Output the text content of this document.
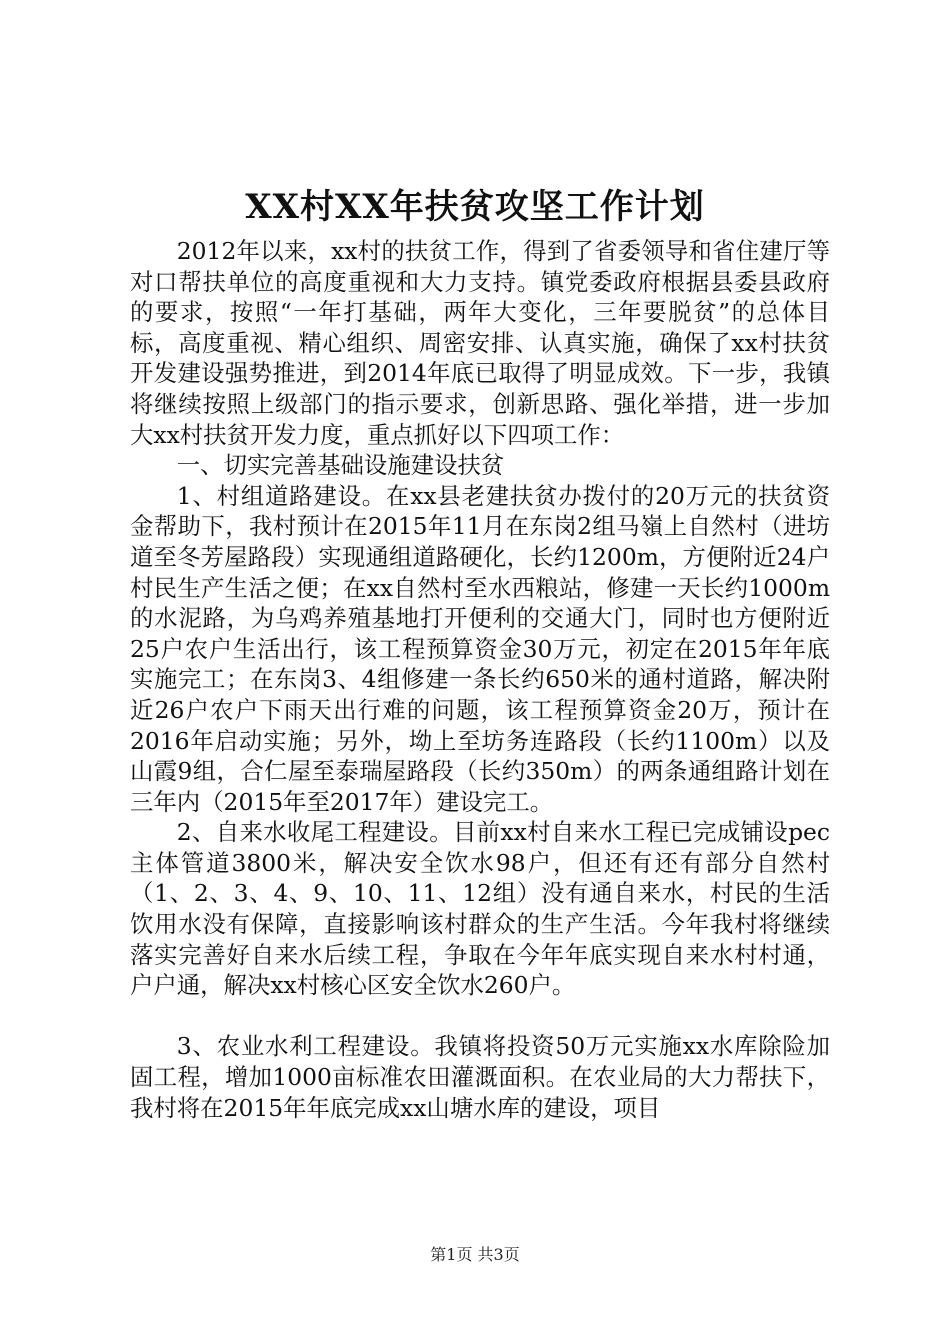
XX村XX年扶贫攻坚工作计划

2012年以来，xx村的扶贫工作，得到了省委领导和省住建厅等对口帮扶单位的高度重视和大力支持。镇党委政府根据县委县政府的要求，按照“一年打基础，两年大变化，三年要脱贫”的总体目标，高度重视、精心组织、周密安排、认真实施，确保了xx村扶贫开发建设强势推进，到2014年底已取得了明显成效。下一步，我镇将继续按照上级部门的指示要求，创新思路、强化举措，进一步加大xx村扶贫开发力度，重点抓好以下四项工作：

一、切实完善基础设施建设扶贫

1、村组道路建设。在xx县老建扶贫办拨付的20万元的扶贫资金帮助下，我村预计在2015年11月在东岗2组马嶺上自然村（进坊道至冬芳屋路段）实现通组道路硬化，长约1200m，方便附近24户村民生产生活之便；在xx自然村至水西粮站，修建一天长约1000m的水泥路，为乌鸡养殖基地打开便利的交通大门，同时也方便附近25户农户生活出行，该工程预算资金30万元，初定在2015年年底实施完工；在东岗3、4组修建一条长约650米的通村道路，解决附近26户农户下雨天出行难的问题，该工程预算资金20万，预计在2016年启动实施；另外，坳上至坊务连路段（长约1100m）以及山霞9组，合仁屋至泰瑞屋路段（长约350m）的两条通组路计划在三年内（2015年至2017年）建设完工。

2、自来水收尾工程建设。目前xx村自来水工程已完成铺设pec主体管道3800米，解决安全饮水98户，但还有还有部分自然村（1、2、3、4、9、10、11、12组）没有通自来水，村民的生活饮用水没有保障，直接影响该村群众的生产生活。今年我村将继续落实完善好自来水后续工程，争取在今年年底实现自来水村村通，户户通，解决xx村核心区安全饮水260户。

3、农业水利工程建设。我镇将投资50万元实施xx水库除险加固工程，增加1000亩标准农田灌溉面积。在农业局的大力帮扶下，我村将在2015年年底完成xx山塘水库的建设，项目

第1页 共3页
